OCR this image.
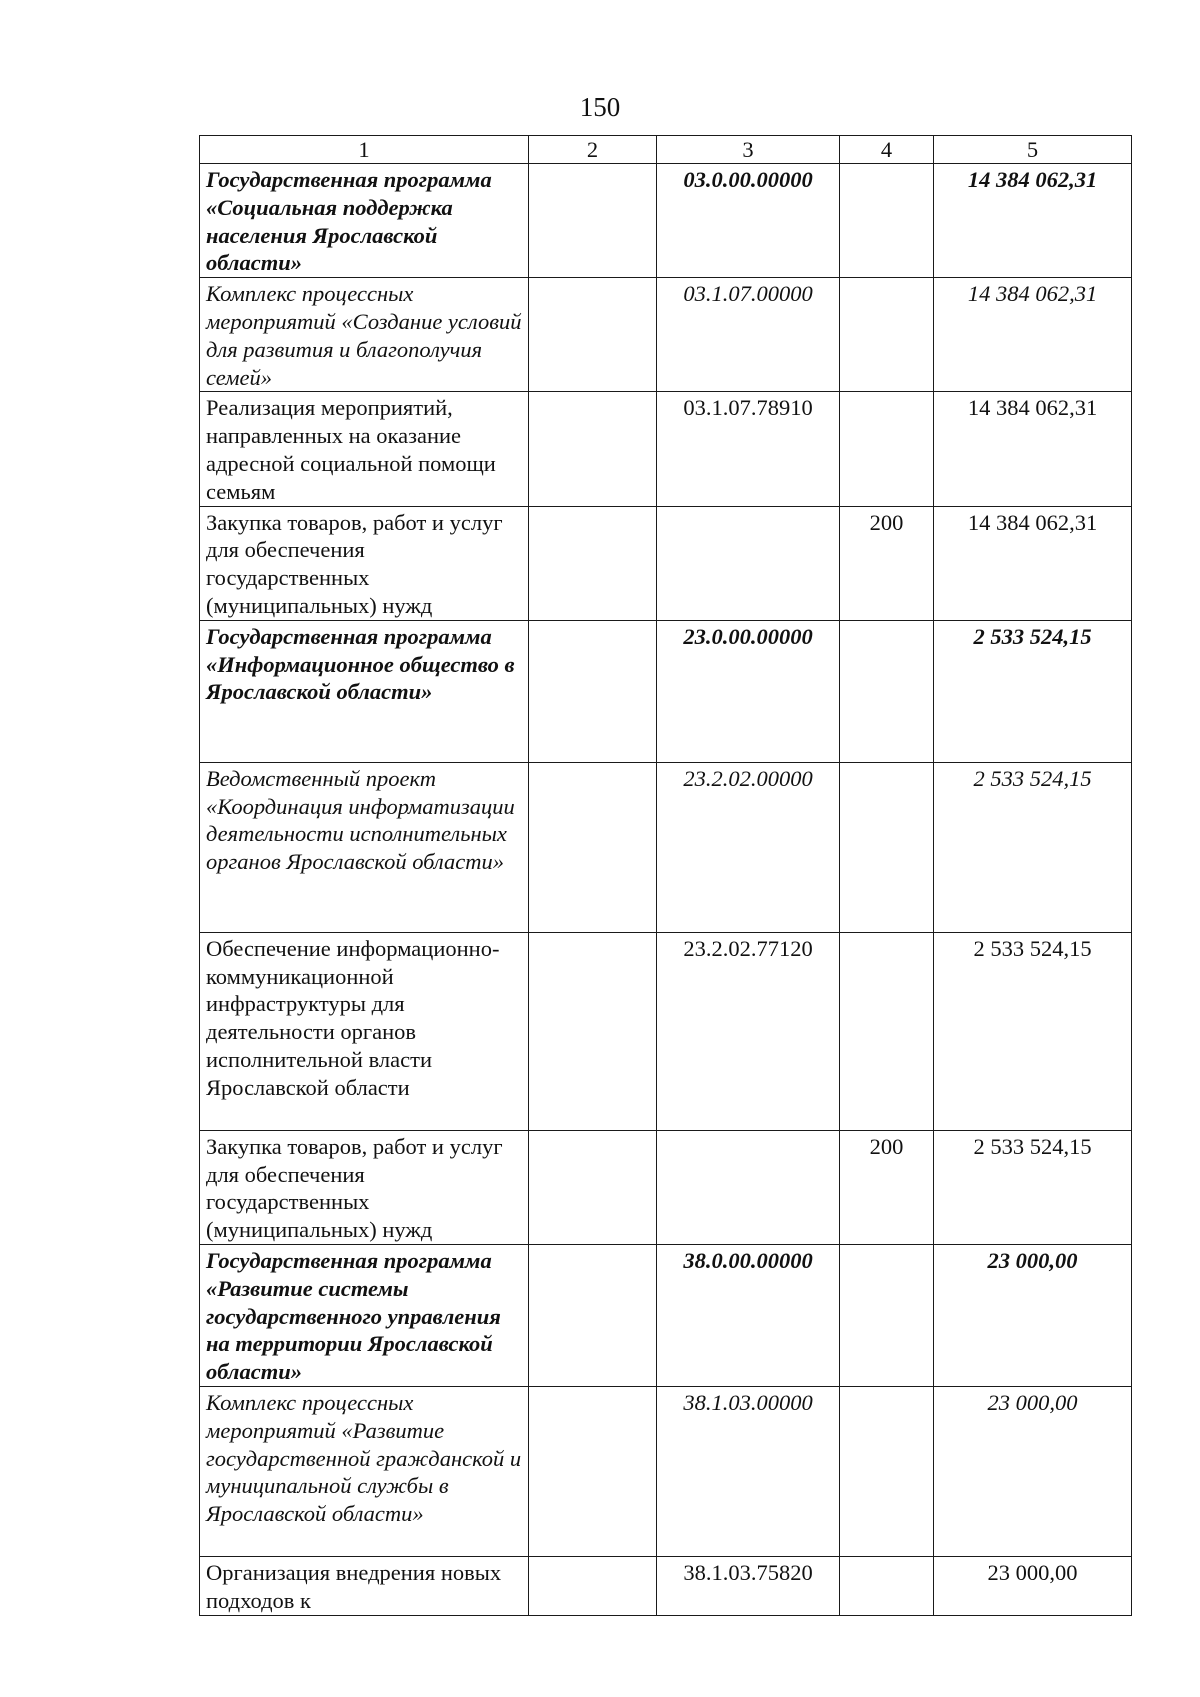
150
1	2	3	4	5
Государственная программа «Социальная поддержка населения Ярославской области»		03.0.00.00000		14 384 062,31
Комплекс процессных мероприятий «Создание условий для развития и благополучия семей»		03.1.07.00000		14 384 062,31
Реализация мероприятий, направленных на оказание адресной социальной помощи семьям		03.1.07.78910		14 384 062,31
Закупка товаров, работ и услуг для обеспечения государственных (муниципальных) нужд			200	14 384 062,31
Государственная программа «Информационное общество в Ярославской области»		23.0.00.00000		2 533 524,15
Ведомственный проект «Координация информатизации деятельности исполнительных органов Ярославской области»		23.2.02.00000		2 533 524,15
Обеспечение информационно-коммуникационной инфраструктуры для деятельности органов исполнительной власти Ярославской области		23.2.02.77120		2 533 524,15
Закупка товаров, работ и услуг для обеспечения государственных (муниципальных) нужд			200	2 533 524,15
Государственная программа «Развитие системы государственного управления на территории Ярославской области»		38.0.00.00000		23 000,00
Комплекс процессных мероприятий «Развитие государственной гражданской и муниципальной службы в Ярославской области»		38.1.03.00000		23 000,00
Организация внедрения новых подходов к		38.1.03.75820		23 000,00
